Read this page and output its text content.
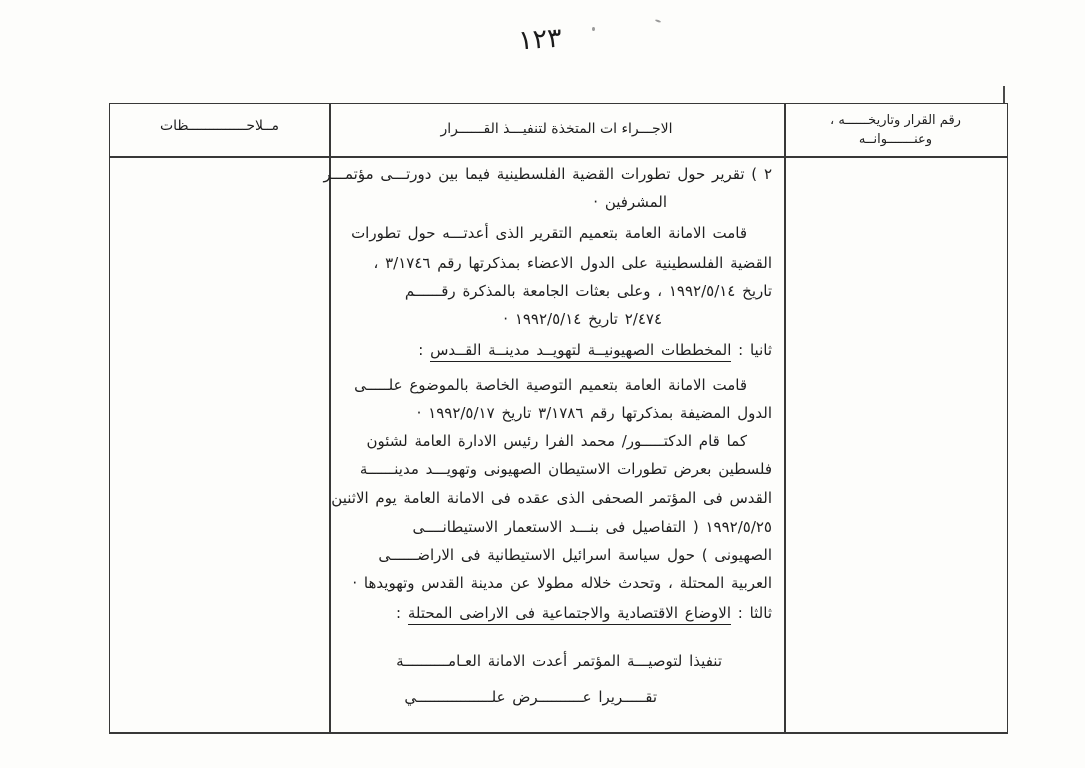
١٢٣
رقم القرار وتاريخــــــه ،
وعنـــــــوانــه
الاجـــراء ات المتخذة لتنفيـــذ القــــــرار
مــلاحــــــــــــــظات
٢ ) تقرير حول تطورات القضية الفلسطينية فيما بين دورتـــى مؤتمـــر
المشرفين ·
قامت الامانة العامة بتعميم التقرير الذى أعدتـــه حول تطورات
القضية الفلسطينية على الدول الاعضاء بمذكرتها رقم ٣/١٧٤٦ ،
تاريخ ١٩٩٢/٥/١٤ ، وعلى بعثات الجامعة بالمذكرة رقــــــم
٢/٤٧٤ تاريخ ١٩٩٢/٥/١٤ ·
ثانيا : المخططات الصهيونيــة لتهويــد مدينــة القــدس :
قامت الامانة العامة بتعميم التوصية الخاصة بالموضوع علـــــى
الدول المضيفة بمذكرتها رقم ٣/١٧٨٦ تاريخ ١٩٩٢/٥/١٧ ·
كما قام الدكتـــــور/ محمد الفرا رئيس الادارة العامة لشئون
فلسطين بعرض تطورات الاستيطان الصهيونى وتهويـــد مدينــــــة
القدس فى المؤتمر الصحفى الذى عقده فى الامانة العامة يوم الاثنين
١٩٩٢/٥/٢٥ ( التفاصيل فى بنـــد الاستعمار الاستيطانــــى
الصهيونى ) حول سياسة اسرائيل الاستيطانية فى الاراضــــــى
العربية المحتلة ، وتحدث خلاله مطولا عن مدينة القدس وتهويدها ·
ثالثا : الاوضاع الاقتصادية والاجتماعية فى الاراضى المحتلة :
تنفيذا لتوصيـــة المؤتمر أعدت الامانة العـامــــــــــة
تقـــــريرا عــــــــــرض علـــــــــــــــــي
